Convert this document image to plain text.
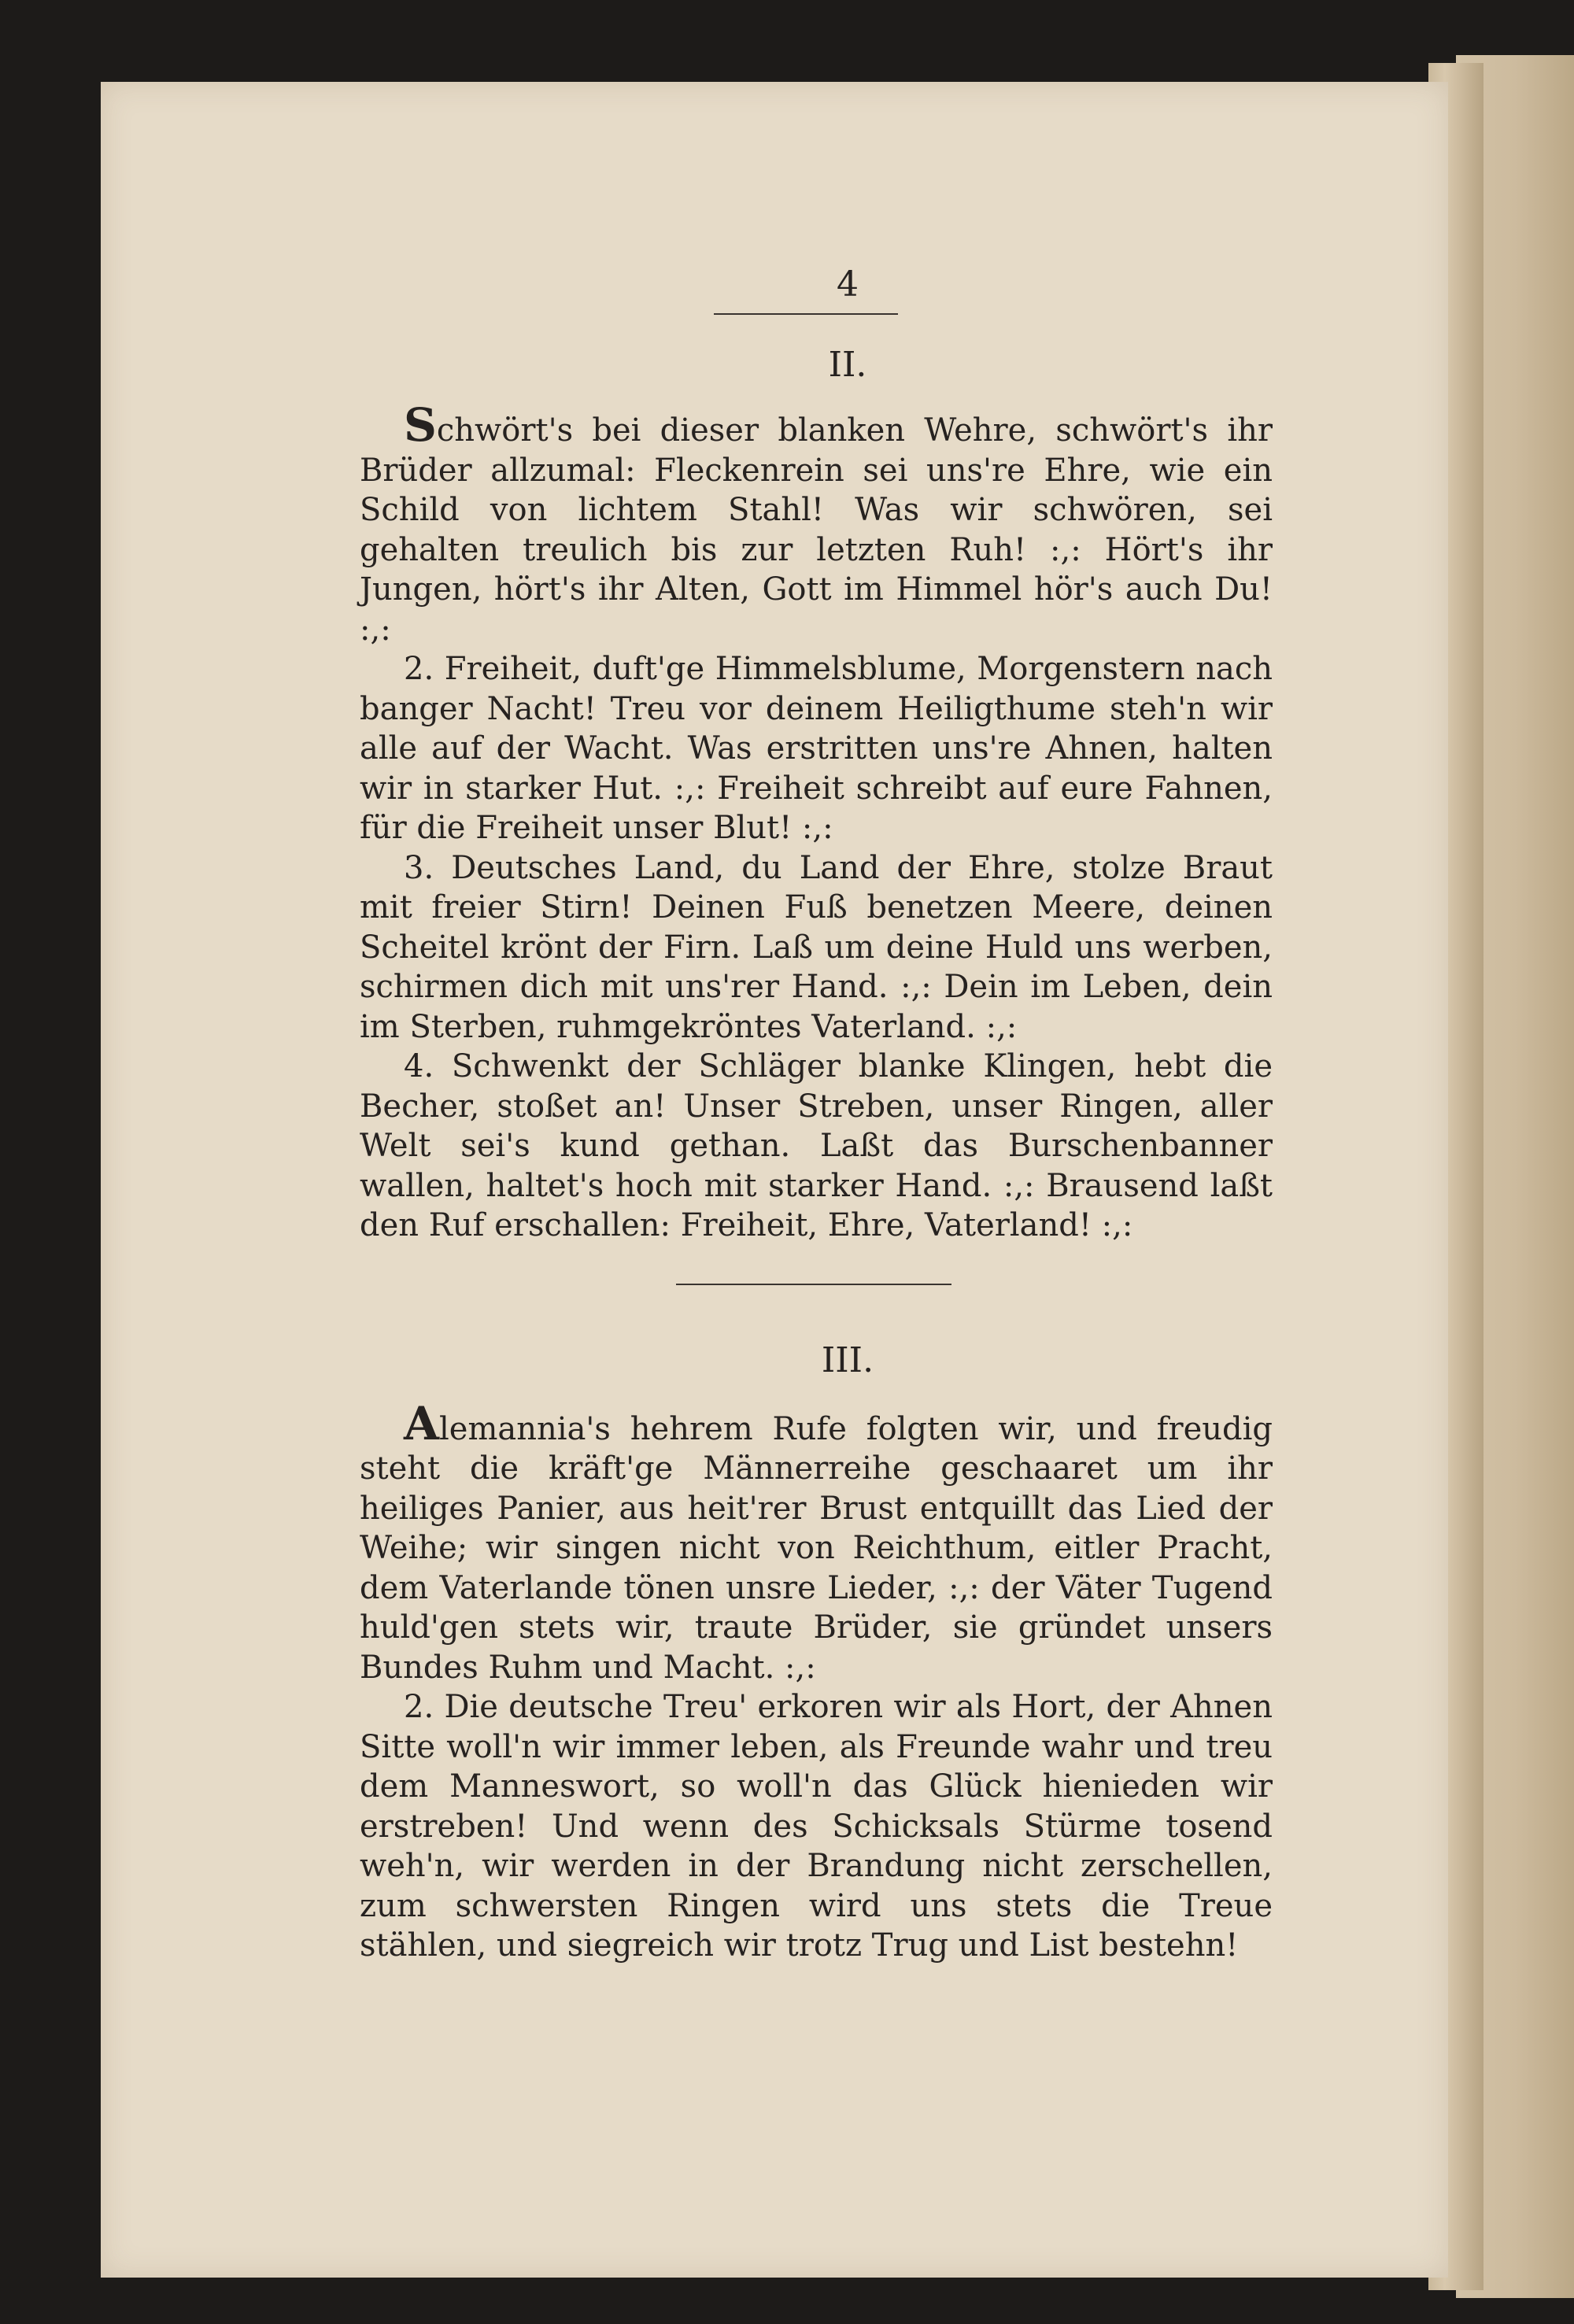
4

II.

Schwört's bei dieser blanken Wehre, schwört's ihr Brüder allzumal: Fleckenrein sei uns're Ehre, wie ein Schild von lichtem Stahl! Was wir schwören, sei gehalten treulich bis zur letzten Ruh! :,: Hört's ihr Jungen, hört's ihr Alten, Gott im Himmel hör's auch Du! :,:

2. Freiheit, duft'ge Himmelsblume, Morgenstern nach banger Nacht! Treu vor deinem Heiligthume steh'n wir alle auf der Wacht. Was erstritten uns're Ahnen, halten wir in starker Hut. :,: Freiheit schreibt auf eure Fahnen, für die Freiheit unser Blut! :,:

3. Deutsches Land, du Land der Ehre, stolze Braut mit freier Stirn! Deinen Fuß benetzen Meere, deinen Scheitel krönt der Firn. Laß um deine Huld uns werben, schirmen dich mit uns'rer Hand. :,: Dein im Leben, dein im Sterben, ruhmgekröntes Vaterland. :,:

4. Schwenkt der Schläger blanke Klingen, hebt die Becher, stoßet an! Unser Streben, unser Ringen, aller Welt sei's kund gethan. Laßt das Burschenbanner wallen, haltet's hoch mit starker Hand. :,: Brausend laßt den Ruf erschallen: Freiheit, Ehre, Vaterland! :,:

III.

Alemannia's hehrem Rufe folgten wir, und freudig steht die kräft'ge Männerreihe geschaaret um ihr heiliges Panier, aus heit'rer Brust entquillt das Lied der Weihe; wir singen nicht von Reichthum, eitler Pracht, dem Vaterlande tönen unsre Lieder, :,: der Väter Tugend huld'gen stets wir, traute Brüder, sie gründet unsers Bundes Ruhm und Macht. :,:

2. Die deutsche Treu' erkoren wir als Hort, der Ahnen Sitte woll'n wir immer leben, als Freunde wahr und treu dem Manneswort, so woll'n das Glück hienieden wir erstreben! Und wenn des Schicksals Stürme tosend weh'n, wir werden in der Brandung nicht zerschellen, zum schwersten Ringen wird uns stets die Treue stählen, und siegreich wir trotz Trug und List bestehn!
